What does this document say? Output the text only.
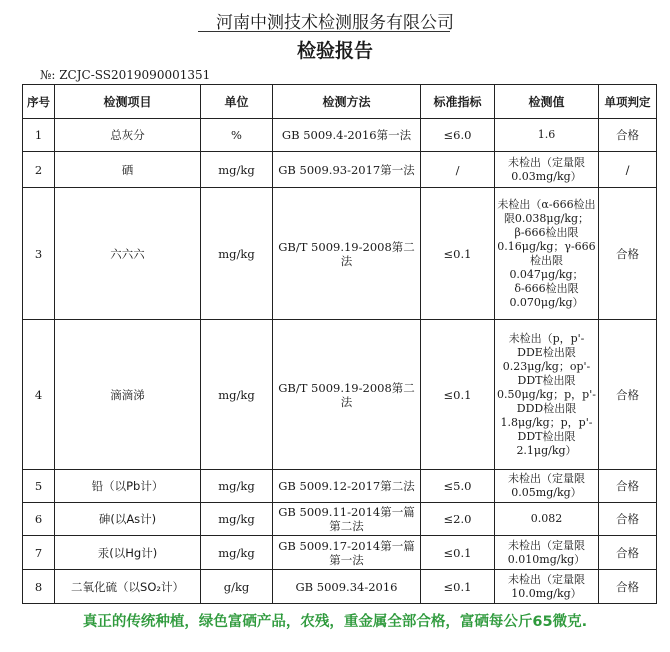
河南中测技术检测服务有限公司
检验报告
№: ZCJC-SS2019090001351
序号	检测项目	单位	检测方法	标准指标	检测值	单项判定
1	总灰分	%	GB 5009.4-2016第一法	≤6.0	1.6	合格
2	硒	mg/kg	GB 5009.93-2017第一法	/	未检出（定量限0.03mg/kg）	/
3	六六六	mg/kg	GB/T 5009.19-2008第二法	≤0.1	未检出（α-666检出限0.038μg/kg；β-666检出限0.16μg/kg；γ-666检出限0.047μg/kg；δ-666检出限0.070μg/kg）	合格
4	滴滴涕	mg/kg	GB/T 5009.19-2008第二法	≤0.1	未检出（p，p'-DDE检出限0.23μg/kg；op'-DDT检出限0.50μg/kg；p，p'-DDD检出限1.8μg/kg；p，p'-DDT检出限2.1μg/kg）	合格
5	铅（以Pb计）	mg/kg	GB 5009.12-2017第二法	≤5.0	未检出（定量限0.05mg/kg）	合格
6	砷(以As计)	mg/kg	GB 5009.11-2014第一篇第二法	≤2.0	0.082	合格
7	汞(以Hg计)	mg/kg	GB 5009.17-2014第一篇第一法	≤0.1	未检出（定量限0.010mg/kg）	合格
8	二氧化硫（以SO₂计）	g/kg	GB 5009.34-2016	≤0.1	未检出（定量限10.0mg/kg）	合格
真正的传统种植，绿色富硒产品，农残，重金属全部合格，富硒每公斤65微克.
